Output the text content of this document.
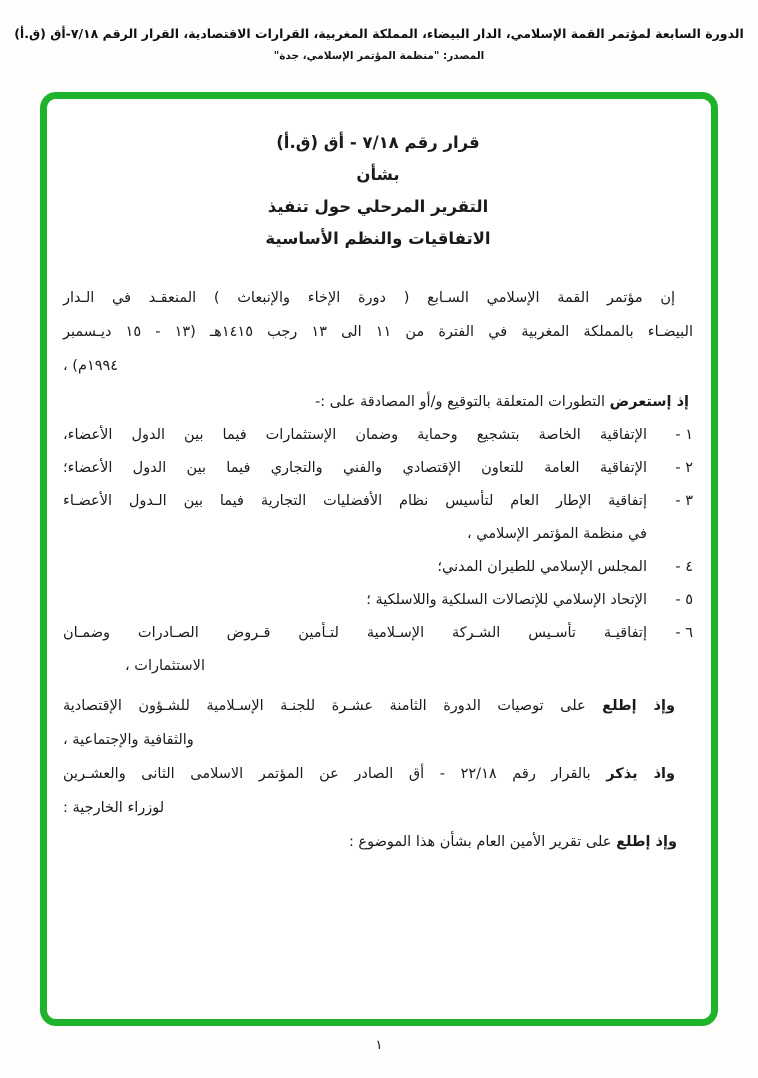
الدورة السابعة لمؤتمر القمة الإسلامي، الدار البيضاء، المملكة المغربية، القرارات الاقتصادية، القرار الرقم ٧/١٨-أق (ق.أ)
المصدر: "منظمة المؤتمر الإسلامي، جدة"
قرار رقم ٧/١٨ - أق (ق.أ)
بشأن
التقرير المرحلي حول تنفيذ
الاتفاقيات والنظم الأساسية
إن مؤتمر القمة الإسلامي السـابع ( دورة الإخاء والإنبعاث ) المنعقـد في الـدار
البيضـاء بالمملكة المغربية في الفترة من ١١ الى ١٣ رجب ١٤١٥هـ (١٣ - ١٥ ديـسمبر
١٩٩٤م) ،
إذ إستعرض التطورات المتعلقة بالتوقيع و/أو المصادقة على :-
١ -
الإتفاقية الخاصة بتشجيع وحماية وضمان الإستثمارات فيما بين الدول الأعضاء،
٢ -
الإتفاقية العامة للتعاون الإقتصادي والفني والتجاري فيما بين الدول الأعضاء؛
٣ -
إتفاقية الإطار العام لتأسيس نظام الأفضليات التجارية فيما بين الـدول الأعضـاء
في منظمة المؤتمر الإسلامي ،
٤ -
المجلس الإسلامي للطيران المدني؛
٥ -
الإتحاد الإسلامي للإتصالات السلكية واللاسلكية ؛
٦ -
إتفاقيـة تأسـيس الشـركة الإسـلامية لتـأمين قـروض الصـادرات وضمـان
الاستثمارات ،
وإذ إطلع على توصيات الدورة الثامنة عشـرة للجنـة الإسـلامية للشـؤون الإقتصادية
والثقافية والإجتماعية ،
واذ يذكر بالقرار رقم ٢٢/١٨ - أق الصادر عن المؤتمر الاسلامى الثانى والعشـرين
لوزراء الخارجية :
وإذ إطلع على تقرير الأمين العام بشأن هذا الموضوع :
١
